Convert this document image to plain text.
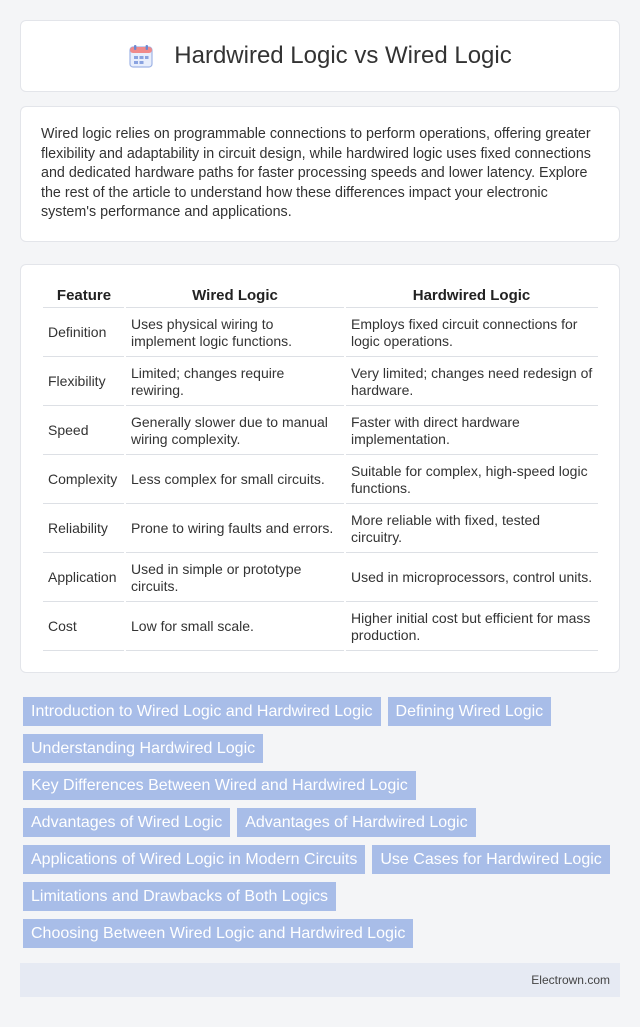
Hardwired Logic vs Wired Logic

Wired logic relies on programmable connections to perform operations, offering greater flexibility and adaptability in circuit design, while hardwired logic uses fixed connections and dedicated hardware paths for faster processing speeds and lower latency. Explore the rest of the article to understand how these differences impact your electronic system's performance and applications.

Feature	Wired Logic	Hardwired Logic
Definition	Uses physical wiring to implement logic functions.	Employs fixed circuit connections for logic operations.
Flexibility	Limited; changes require rewiring.	Very limited; changes need redesign of hardware.
Speed	Generally slower due to manual wiring complexity.	Faster with direct hardware implementation.
Complexity	Less complex for small circuits.	Suitable for complex, high-speed logic functions.
Reliability	Prone to wiring faults and errors.	More reliable with fixed, tested circuitry.
Application	Used in simple or prototype circuits.	Used in microprocessors, control units.
Cost	Low for small scale.	Higher initial cost but efficient for mass production.
Introduction to Wired Logic and Hardwired Logic	Defining Wired Logic
Understanding Hardwired Logic
Key Differences Between Wired and Hardwired Logic
Advantages of Wired Logic	Advantages of Hardwired Logic
Applications of Wired Logic in Modern Circuits	Use Cases for Hardwired Logic
Limitations and Drawbacks of Both Logics
Choosing Between Wired Logic and Hardwired Logic
Electrown.com
